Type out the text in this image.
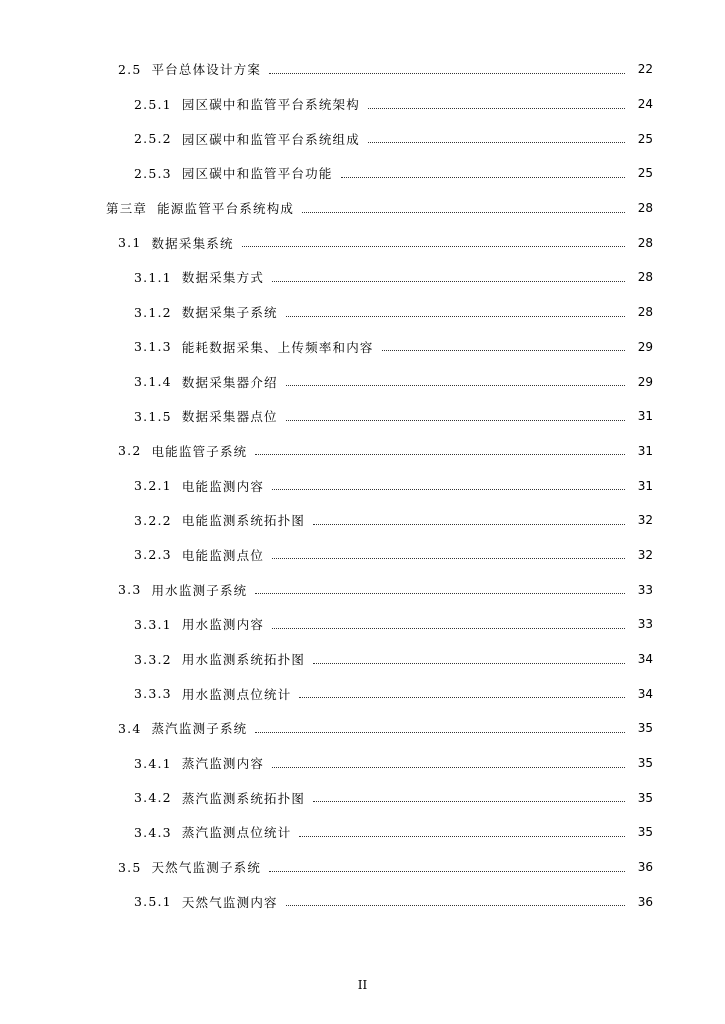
2.5 平台总体设计方案	22
2.5.1 园区碳中和监管平台系统架构	24
2.5.2 园区碳中和监管平台系统组成	25
2.5.3 园区碳中和监管平台功能	25
第三章 能源监管平台系统构成	28
3.1 数据采集系统	28
3.1.1 数据采集方式	28
3.1.2 数据采集子系统	28
3.1.3 能耗数据采集、上传频率和内容	29
3.1.4 数据采集器介绍	29
3.1.5 数据采集器点位	31
3.2 电能监管子系统	31
3.2.1 电能监测内容	31
3.2.2 电能监测系统拓扑图	32
3.2.3 电能监测点位	32
3.3 用水监测子系统	33
3.3.1 用水监测内容	33
3.3.2 用水监测系统拓扑图	34
3.3.3 用水监测点位统计	34
3.4 蒸汽监测子系统	35
3.4.1 蒸汽监测内容	35
3.4.2 蒸汽监测系统拓扑图	35
3.4.3 蒸汽监测点位统计	35
3.5 天然气监测子系统	36
3.5.1 天然气监测内容	36
II
